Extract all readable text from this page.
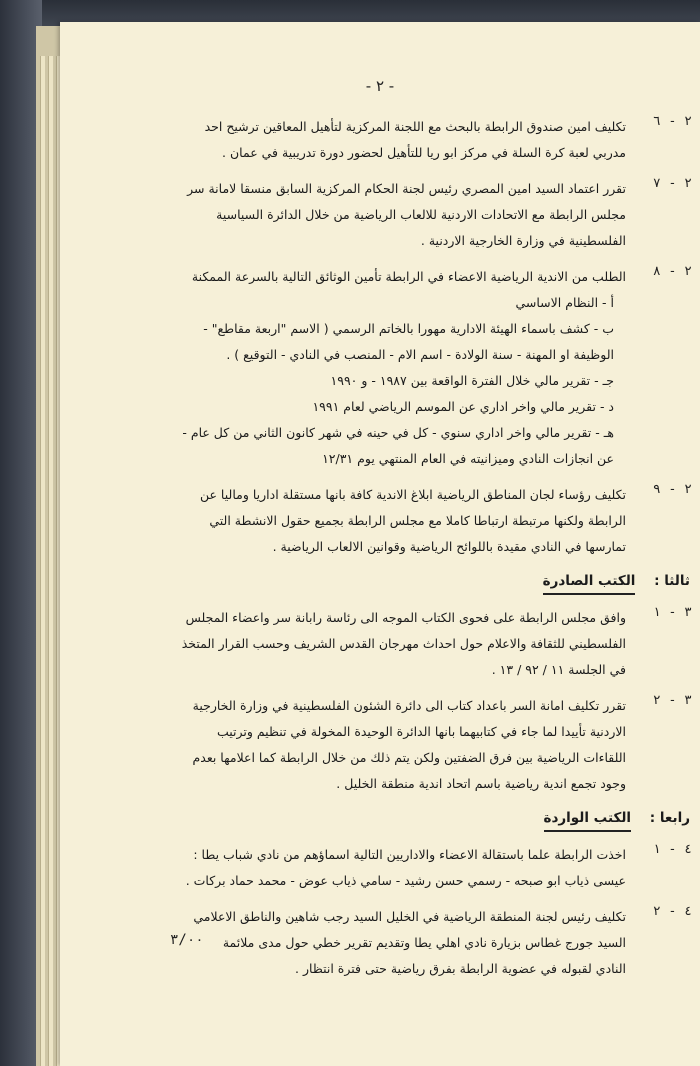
- ٢ -
٢ - ٦
تكليف امين صندوق الرابطة بالبحث مع اللجنة المركزية لتأهيل المعاقين ترشيح احد
مدربي لعبة كرة السلة في مركز ابو ريا للتأهيل لحضور دورة تدريبية في عمان .
٢ - ٧
تقرر اعتماد السيد امين المصري رئيس لجنة الحكام المركزية السابق منسقا لامانة سر
مجلس الرابطة مع الاتحادات الاردنية للالعاب الرياضية من خلال الدائرة السياسية
الفلسطينية في وزارة الخارجية الاردنية .
٢ - ٨
الطلب من الاندية الرياضية الاعضاء في الرابطة تأمين الوثائق التالية بالسرعة الممكنة
أ - النظام الاساسي
ب - كشف باسماء الهيئة الادارية مهورا بالخاتم الرسمي ( الاسم "اربعة مقاطع" -
الوظيفة او المهنة - سنة الولادة - اسم الام - المنصب في النادي - التوقيع ) .
جـ - تقرير مالي خلال الفترة الواقعة بين ١٩٨٧ - و ١٩٩٠
د - تقرير مالي واخر اداري عن الموسم الرياضي لعام ١٩٩١
هـ - تقرير مالي واخر اداري سنوي - كل في حينه في شهر كانون الثاني من كل عام -
عن انجازات النادي وميزانيته في العام المنتهي يوم ١٢/٣١
٢ - ٩
تكليف رؤساء لجان المناطق الرياضية ابلاغ الاندية كافة بانها مستقلة اداريا وماليا عن
الرابطة ولكنها مرتبطة ارتباطا كاملا مع مجلس الرابطة بجميع حقول الانشطة التي
تمارسها في النادي مقيدة باللوائح الرياضية وقوانين الالعاب الرياضية .
ثالثا : الكتب الصادرة
٣ - ١
وافق مجلس الرابطة على فحوى الكتاب الموجه الى رئاسة رابانة سر واعضاء المجلس
الفلسطيني للثقافة والاعلام حول احداث مهرجان القدس الشريف وحسب القرار المتخذ
في الجلسة ١١ / ٩٢ / ١٣ .
٣ - ٢
تقرر تكليف امانة السر باعداد كتاب الى دائرة الشئون الفلسطينية في وزارة الخارجية
الاردنية تأييدا لما جاء في كتابيهما بانها الدائرة الوحيدة المخولة في تنظيم وترتيب
اللقاءات الرياضية بين فرق الضفتين ولكن يتم ذلك من خلال الرابطة كما اعلامها بعدم
وجود تجمع اندية رياضية باسم اتحاد اندية منطقة الخليل .
رابعا : الكتب الواردة
٤ - ١
اخذت الرابطة علما باستقالة الاعضاء والاداريين التالية اسماؤهم من نادي شباب يطا :
عيسى ذياب ابو صبحه - رسمي حسن رشيد - سامي ذياب عوض - محمد حماد بركات .
٤ - ٢
تكليف رئيس لجنة المنطقة الرياضية في الخليل السيد رجب شاهين والناطق الاعلامي
السيد جورج غطاس بزيارة نادي اهلي يطا وتقديم تقرير خطي حول مدى ملائمة
النادي لقبوله في عضوية الرابطة بفرق رياضية حتى فترة انتظار .
٣/٠٠
